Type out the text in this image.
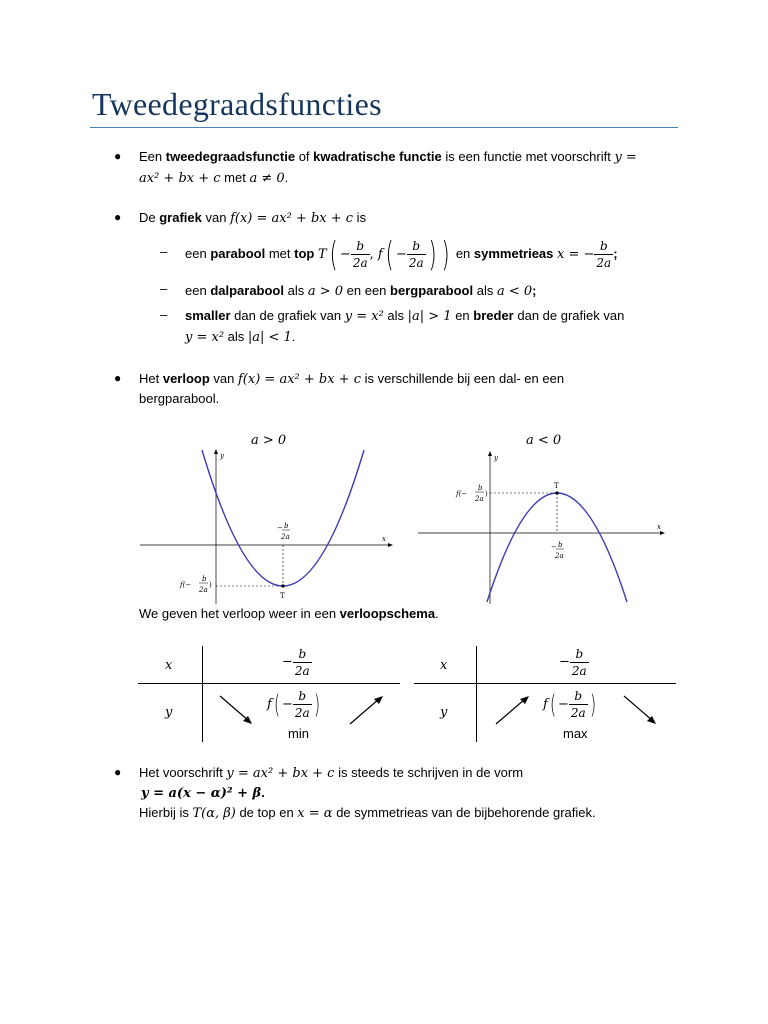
Tweedegraadsfuncties
● Een tweedegraadsfunctie of kwadratische functie is een functie met voorschrift y =
ax² + bx + c met a ≠ 0.
● De grafiek van f(x) = ax² + bx + c is
– een parabool met top $T( - \frac{b}{2a}$ , $f( - \frac{b}{2a}$ ) ) en symmetrieas x = − $\frac{b}{2a}$ ;
– een dalparabool als a > 0 en een bergparabool als a < 0;
– smaller dan de grafiek van y = x² als |a| > 1 en breder dan de grafiek van
y = x² als |a| < 1.
● Het verloop van f(x) = ax² + bx + c is verschillende bij een dal- en een
bergparabool.
a > 0
x
y
T
− b
2a
f(−
b
2a
)
a < 0
x
y
T
− b
2a
f(−
b
2a
)
We geven het verloop weer in een verloopschema.
x
y
− $\frac{b}{2a}$
$f( - \frac{b}{2a}$ )
min
x
y
− $\frac{b}{2a}$
$f( - \frac{b}{2a}$ )
max
● Het voorschrift y = ax² + bx + c is steeds te schrijven in de vorm
y = a(x − α)² + β.
Hierbij is T(α, β) de top en x = α de symmetrieas van de bijbehorende grafiek.
